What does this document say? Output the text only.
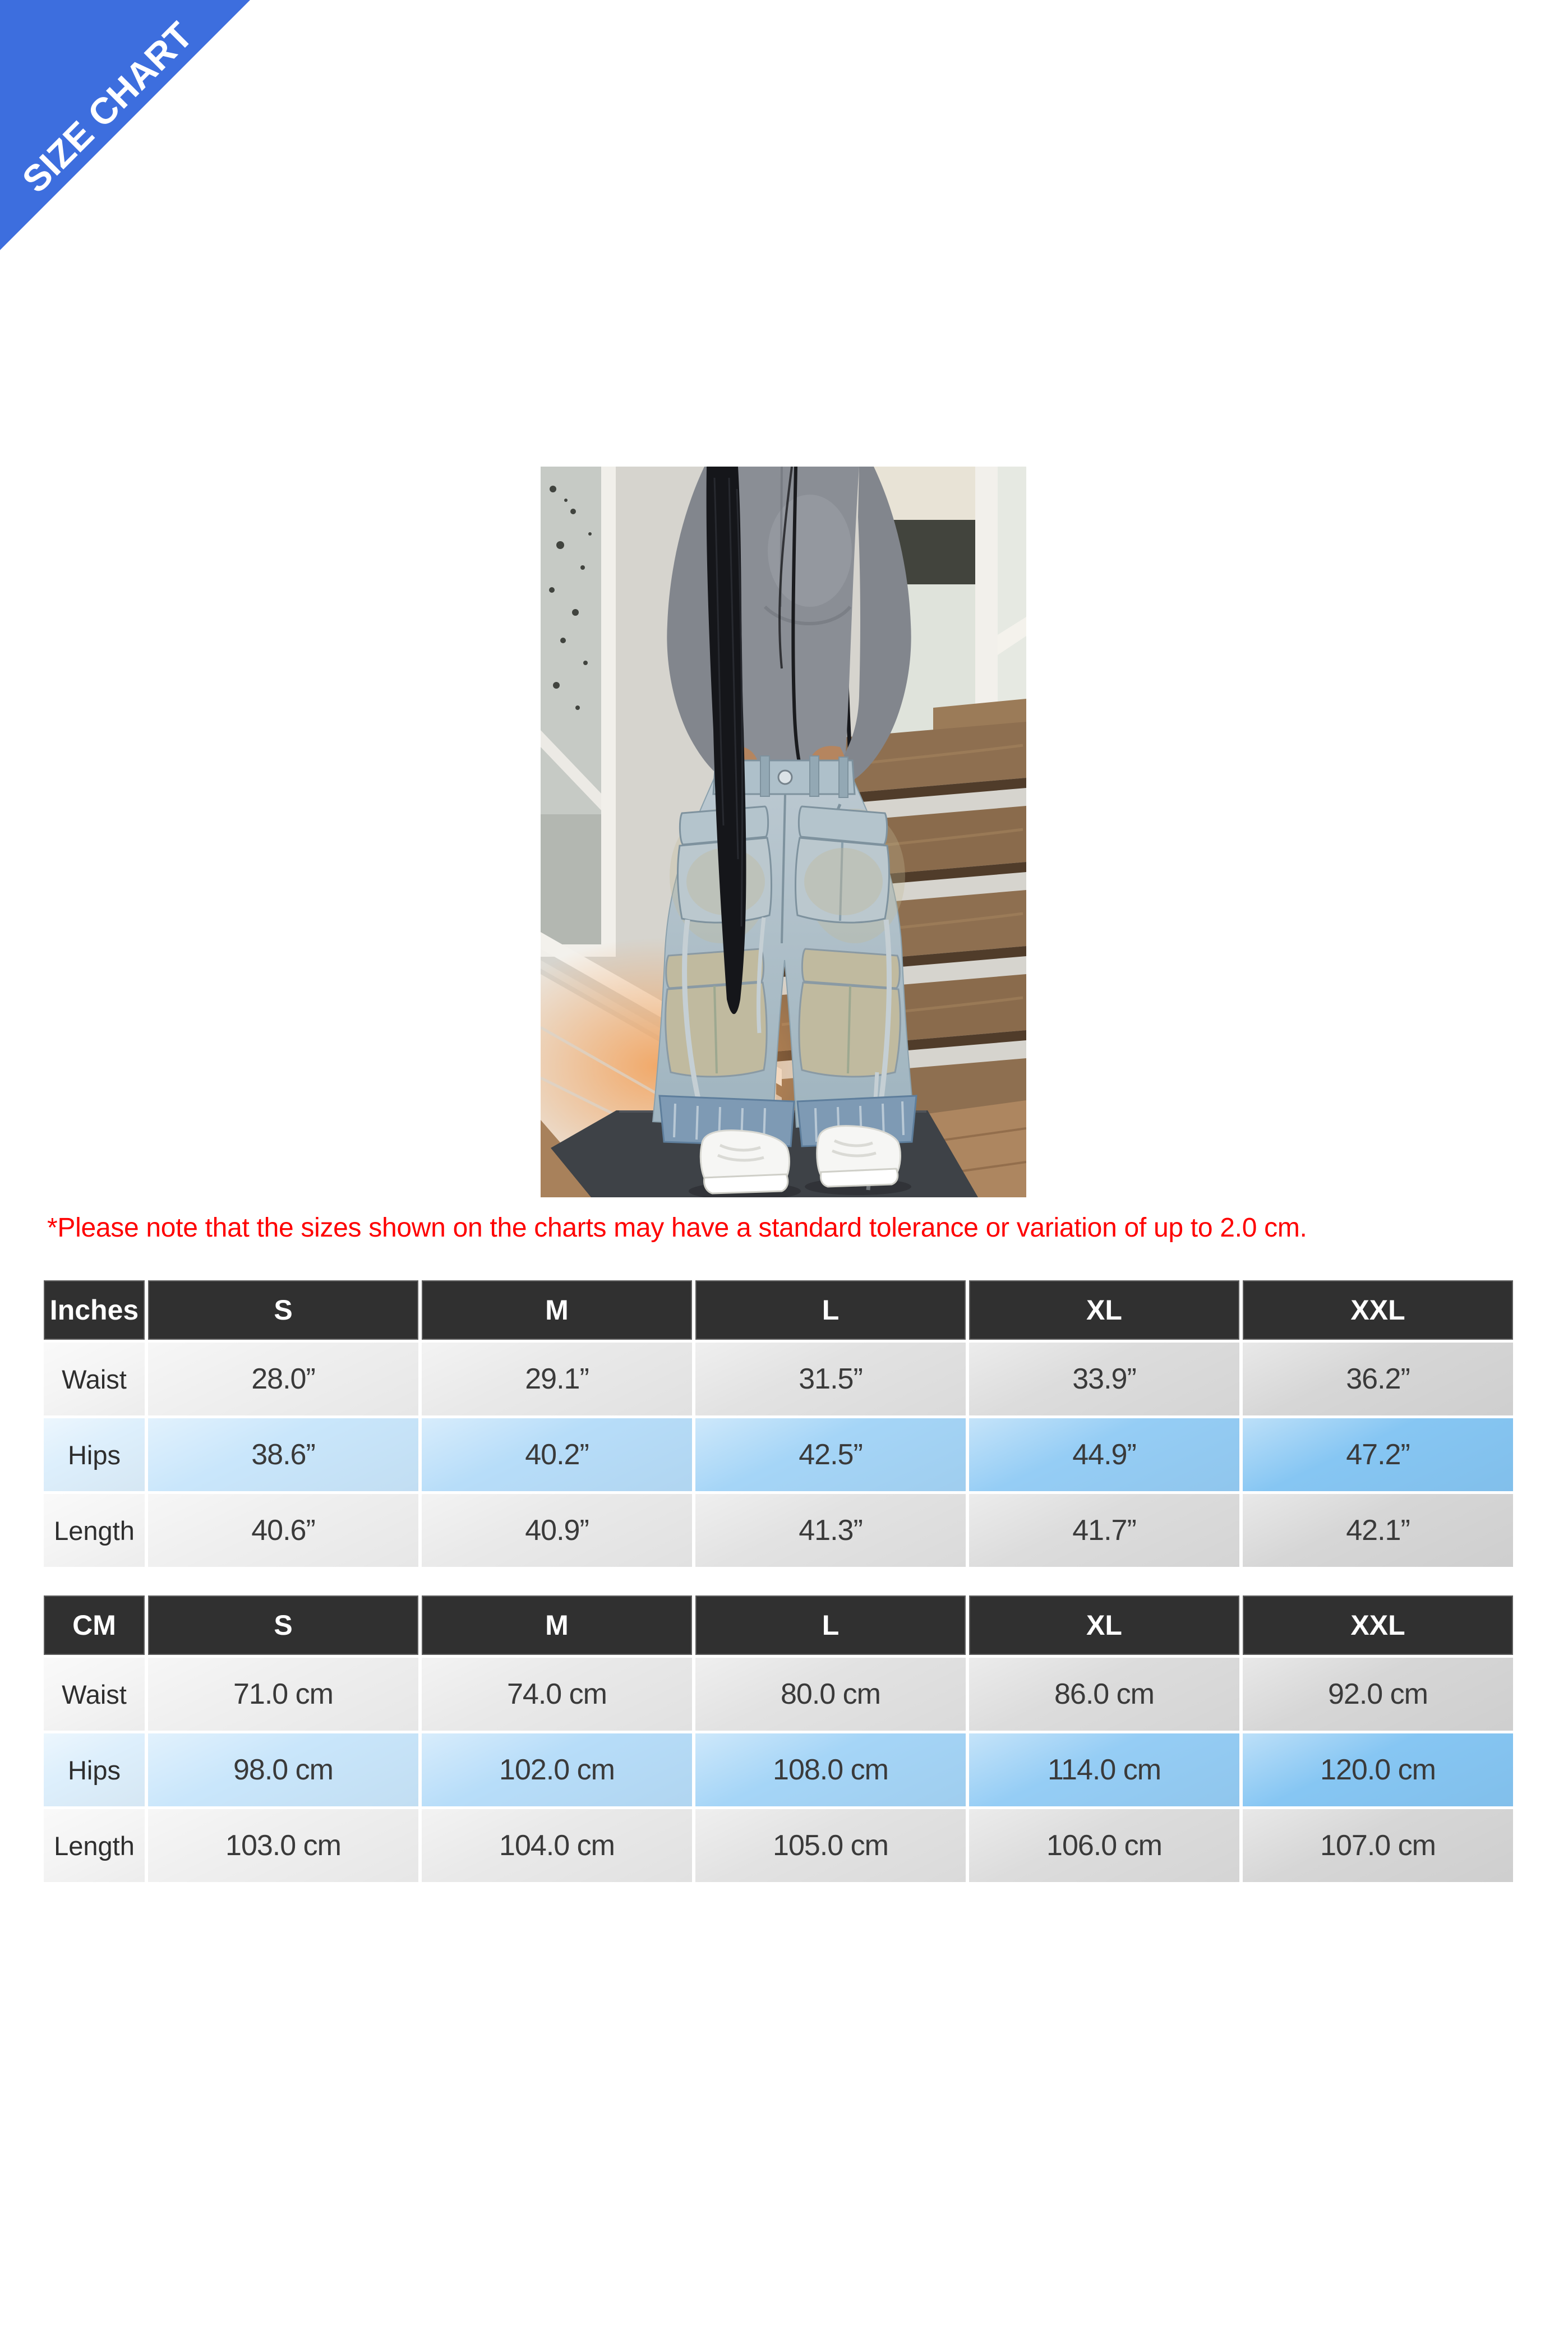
SIZE CHART
*Please note that the sizes shown on the charts may have a standard tolerance or variation of up to 2.0 cm.
Inches	S	M	L	XL	XXL
Waist	28.0”	29.1”	31.5”	33.9”	36.2”
Hips	38.6”	40.2”	42.5”	44.9”	47.2”
Length	40.6”	40.9”	41.3”	41.7”	42.1”
CM	S	M	L	XL	XXL
Waist	71.0 cm	74.0 cm	80.0 cm	86.0 cm	92.0 cm
Hips	98.0 cm	102.0 cm	108.0 cm	114.0 cm	120.0 cm
Length	103.0 cm	104.0 cm	105.0 cm	106.0 cm	107.0 cm
